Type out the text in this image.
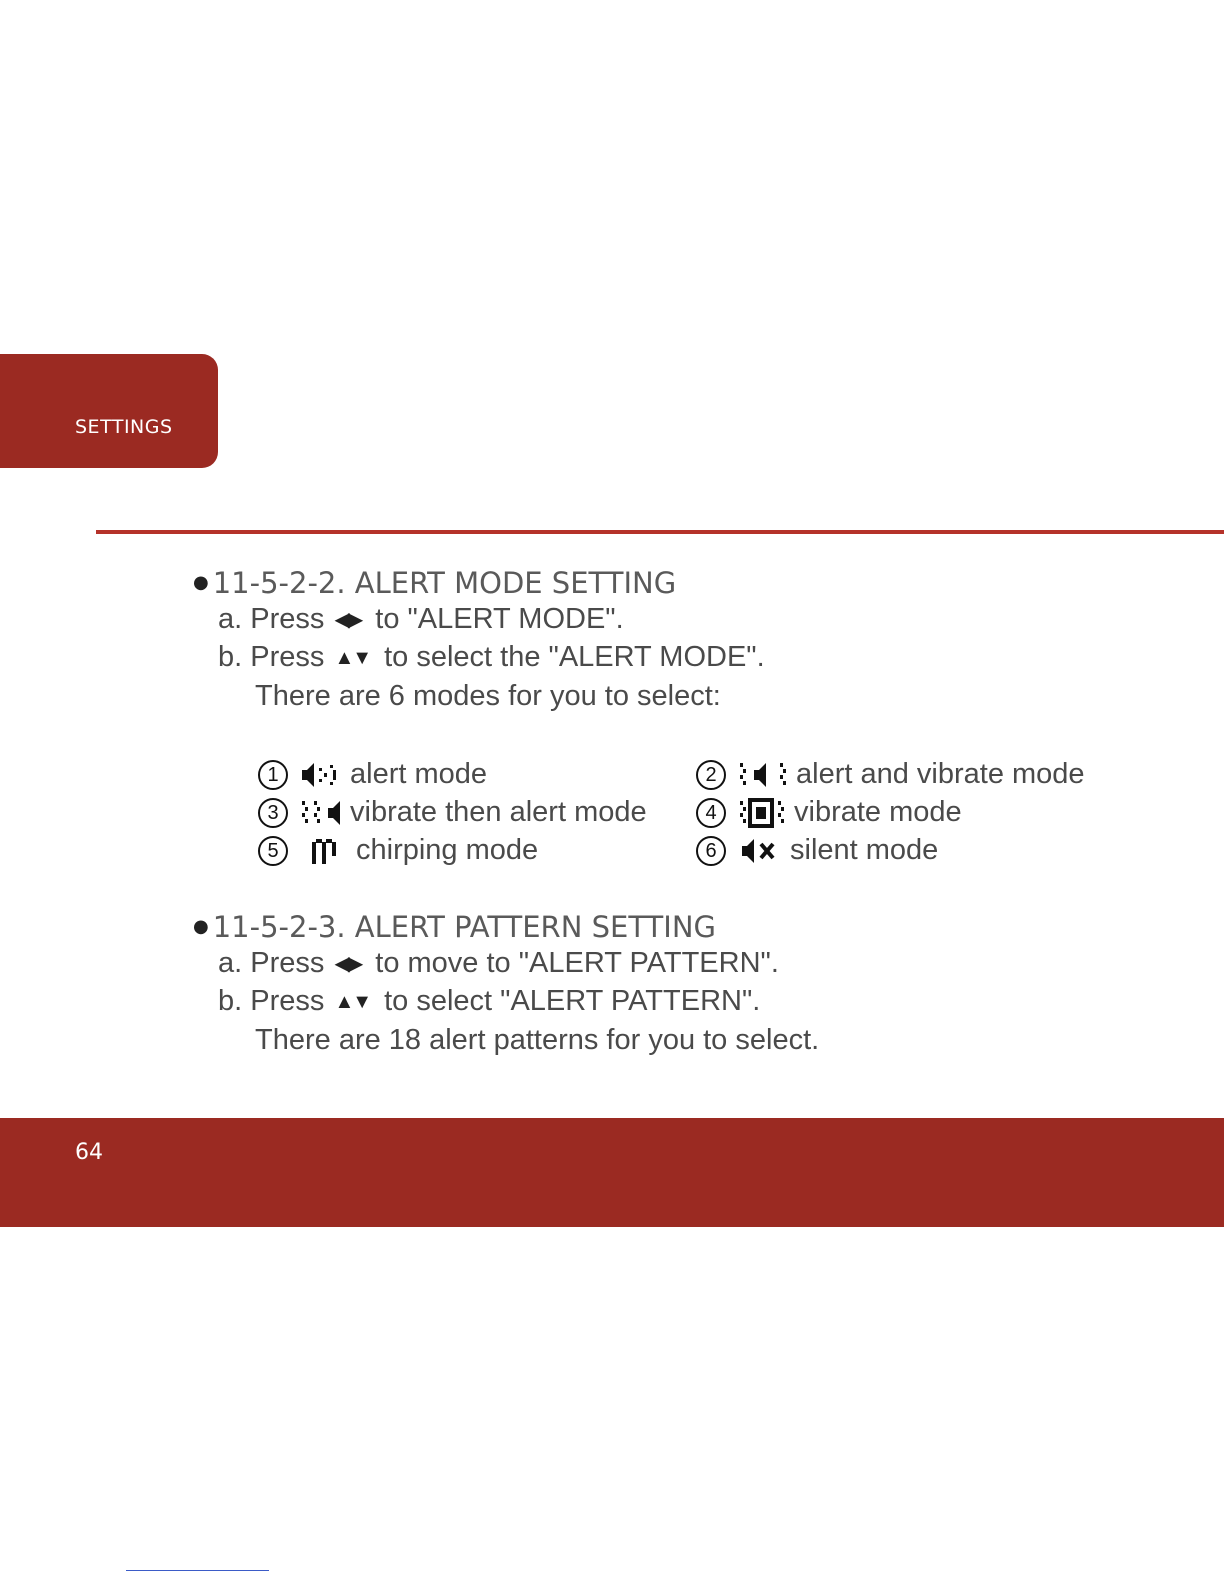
SETTINGS
● 11-5-2-2. ALERT MODE SETTING
a. Press ◀▶ to "ALERT MODE".
b. Press ▲▼ to select the "ALERT MODE".
There are 6 modes for you to select:
1	alert mode	2	alert and vibrate mode
3	vibrate then alert mode	4	vibrate mode
5	chirping mode	6	silent mode
● 11-5-2-3. ALERT PATTERN SETTING
a. Press ◀▶ to move to "ALERT PATTERN".
b. Press ▲▼ to select "ALERT PATTERN".
There are 18 alert patterns for you to select.
64
